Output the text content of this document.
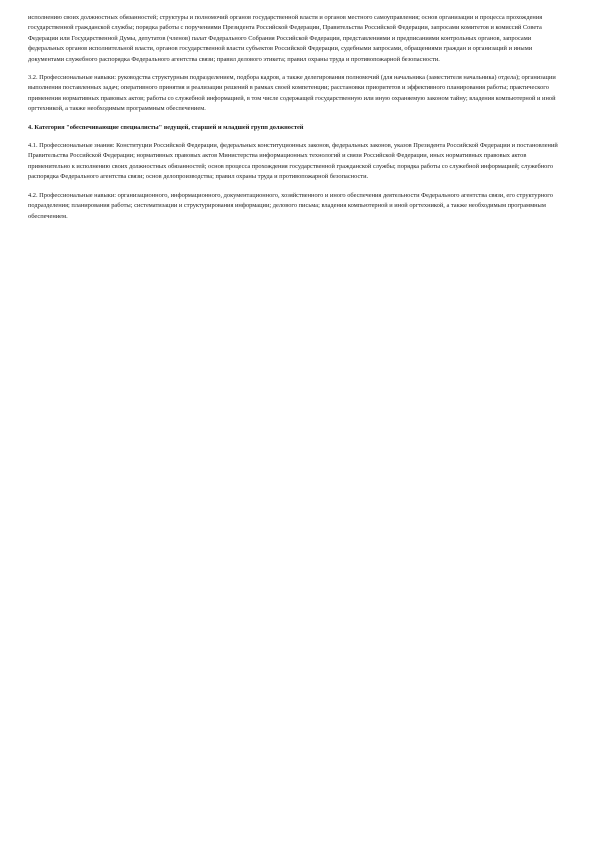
исполнению своих должностных обязанностей; структуры и полномочий органов государственной власти и органов местного самоуправления; основ организации и процесса прохождения государственной гражданской службы; порядка работы с поручениями Президента Российской Федерации, Правительства Российской Федерации, запросами комитетов и комиссий Совета Федерации или Государственной Думы, депутатов (членов) палат Федерального Собрания Российской Федерации, представлениями и предписаниями контрольных органов, запросами федеральных органов исполнительной власти, органов государственной власти субъектов Российской Федерации, судебными запросами, обращениями граждан и организаций и иными документами служебного распорядка Федерального агентства связи; правил делового этикета; правил охраны труда и противопожарной безопасности.

3.2. Профессиональные навыки: руководства структурным подразделением, подбора кадров, а также делегирования полномочий (для начальника (заместителя начальника) отдела); организации выполнения поставленных задач; оперативного принятия и реализации решений в рамках своей компетенции; расстановки приоритетов и эффективного планирования работы; практического применения нормативных правовых актов; работы со служебной информацией, в том числе содержащей государственную или иную охраняемую законом тайну; владения компьютерной и иной оргтехникой, а также необходимым программным обеспечением.

4. Категория "обеспечивающие специалисты" ведущей, старшей и младшей групп должностей

4.1. Профессиональные знания: Конституции Российской Федерации, федеральных конституционных законов, федеральных законов, указов Президента Российской Федерации и постановлений Правительства Российской Федерации; нормативных правовых актов Министерства информационных технологий и связи Российской Федерации, иных нормативных правовых актов применительно к исполнению своих должностных обязанностей; основ процесса прохождения государственной гражданской службы; порядка работы со служебной информацией; служебного распорядка Федерального агентства связи; основ делопроизводства; правил охраны труда и противопожарной безопасности.

4.2. Профессиональные навыки: организационного, информационного, документационного, хозяйственного и иного обеспечения деятельности Федерального агентства связи, его структурного подразделения; планирования работы; систематизации и структурирования информации; делового письма; владения компьютерной и иной оргтехникой, а также необходимым программным обеспечением.
